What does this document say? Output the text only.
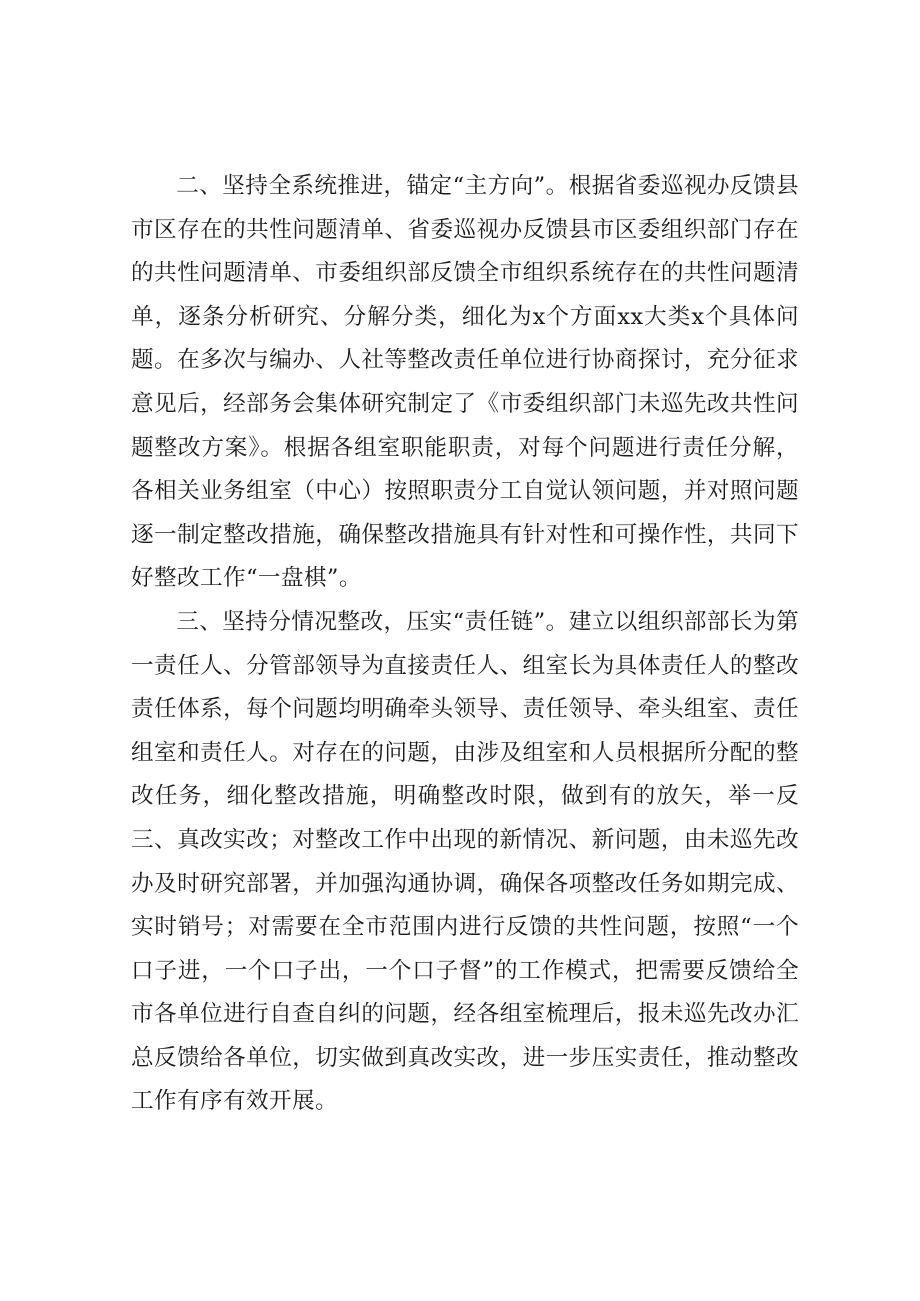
二、坚持全系统推进，锚定“主方向”。根据省委巡视办反馈县市区存在的共性问题清单、省委巡视办反馈县市区委组织部门存在的共性问题清单、市委组织部反馈全市组织系统存在的共性问题清单，逐条分析研究、分解分类，细化为x个方面xx大类x个具体问题。在多次与编办、人社等整改责任单位进行协商探讨，充分征求意见后，经部务会集体研究制定了《市委组织部门未巡先改共性问题整改方案》。根据各组室职能职责，对每个问题进行责任分解，各相关业务组室（中心）按照职责分工自觉认领问题，并对照问题逐一制定整改措施，确保整改措施具有针对性和可操作性，共同下好整改工作“一盘棋”。

三、坚持分情况整改，压实“责任链”。建立以组织部部长为第一责任人、分管部领导为直接责任人、组室长为具体责任人的整改责任体系，每个问题均明确牵头领导、责任领导、牵头组室、责任组室和责任人。对存在的问题，由涉及组室和人员根据所分配的整改任务，细化整改措施，明确整改时限，做到有的放矢，举一反三、真改实改；对整改工作中出现的新情况、新问题，由未巡先改办及时研究部署，并加强沟通协调，确保各项整改任务如期完成、实时销号；对需要在全市范围内进行反馈的共性问题，按照“一个口子进，一个口子出，一个口子督”的工作模式，把需要反馈给全市各单位进行自查自纠的问题，经各组室梳理后，报未巡先改办汇总反馈给各单位，切实做到真改实改，进一步压实责任，推动整改工作有序有效开展。
